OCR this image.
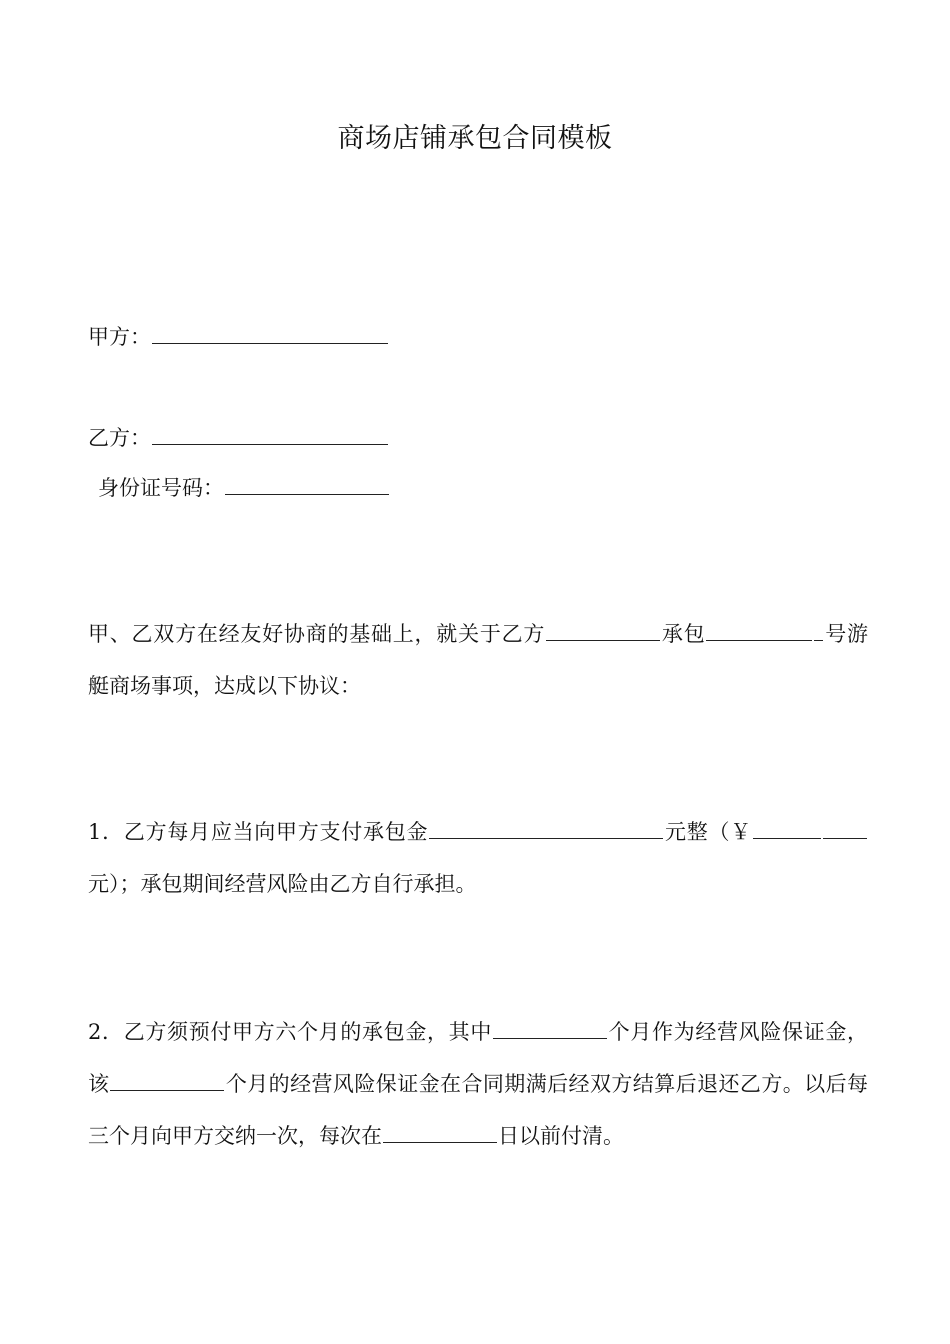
商场店铺承包合同模板
甲方：
乙方：
身份证号码：
甲、乙双方在经友好协商的基础上，就关于乙方	承包	号游艇商场事项，达成以下协议：
1．乙方每月应当向甲方支付承包金	元整（￥元）；承包期间经营风险由乙方自行承担。
2．乙方须预付甲方六个月的承包金，其中	个月作为经营风险保证金，该	个月的经营风险保证金在合同期满后经双方结算后退还乙方。以后每三个月向甲方交纳一次，每次在	日以前付清。
